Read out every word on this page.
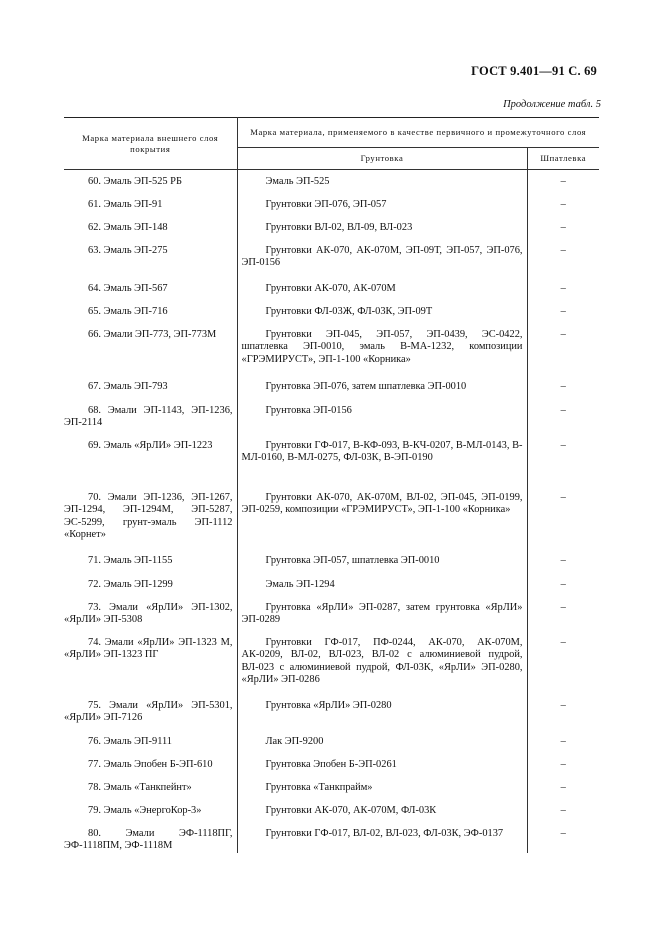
ГОСТ 9.401—91 С. 69
Продолжение табл. 5
Марка материала внешнего слоя покрытия	Марка материала, применяемого в качестве первичного и промежуточного слоя	
	Грунтовка	Шпатлевка

60. Эмаль ЭП-525 РБ	Эмаль ЭП-525	–

61. Эмаль ЭП-91	Грунтовки ЭП-076, ЭП-057	–

62. Эмаль ЭП-148	Грунтовки ВЛ-02, ВЛ-09, ВЛ-023	–

63. Эмаль ЭП-275	Грунтовки АК-070, АК-070М, ЭП-09Т, ЭП-057, ЭП-076, ЭП-0156	–

64. Эмаль ЭП-567	Грунтовки АК-070, АК-070М	–

65. Эмаль ЭП-716	Грунтовки ФЛ-03Ж, ФЛ-03К, ЭП-09Т	–

66. Эмали ЭП-773, ЭП-773М	Грунтовки ЭП-045, ЭП-057, ЭП-0439, ЭС-0422, шпатлевка ЭП-0010, эмаль В-МА-1232, композиции «ГРЭМИРУСТ», ЭП-1-100 «Корника»	–

67. Эмаль ЭП-793	Грунтовка ЭП-076, затем шпатлевка ЭП-0010	–

68. Эмали ЭП-1143, ЭП-1236, ЭП-2114	Грунтовка ЭП-0156	–

69. Эмаль «ЯрЛИ» ЭП-1223	Грунтовки ГФ-017, В-КФ-093, В-КЧ-0207, В-МЛ-0143, В-МЛ-0160, В-МЛ-0275, ФЛ-03К, В-ЭП-0190	–

70. Эмали ЭП-1236, ЭП-1267, ЭП-1294, ЭП-1294М, ЭП-5287, ЭС-5299, грунт-эмаль ЭП-1112 «Корнет»	Грунтовки АК-070, АК-070М, ВЛ-02, ЭП-045, ЭП-0199, ЭП-0259, композиции «ГРЭМИРУСТ», ЭП-1-100 «Корника»	–

71. Эмаль ЭП-1155	Грунтовка ЭП-057, шпатлевка ЭП-0010	–

72. Эмаль ЭП-1299	Эмаль ЭП-1294	–

73. Эмали «ЯрЛИ» ЭП-1302, «ЯрЛИ» ЭП-5308	Грунтовка «ЯрЛИ» ЭП-0287, затем грунтовка «ЯрЛИ» ЭП-0289	–

74. Эмали «ЯрЛИ» ЭП-1323 М, «ЯрЛИ» ЭП-1323 ПГ	Грунтовки ГФ-017, ПФ-0244, АК-070, АК-070М, АК-0209, ВЛ-02, ВЛ-023, ВЛ-02 с алюминиевой пудрой, ВЛ-023 с алюминиевой пудрой, ФЛ-03К, «ЯрЛИ» ЭП-0280, «ЯрЛИ» ЭП-0286	–

75. Эмали «ЯрЛИ» ЭП-5301, «ЯрЛИ» ЭП-7126	Грунтовка «ЯрЛИ» ЭП-0280	–

76. Эмаль ЭП-9111	Лак ЭП-9200	–

77. Эмаль Эпобен Б-ЭП-610	Грунтовка Эпобен Б-ЭП-0261	–

78. Эмаль «Танкпейнт»	Грунтовка «Танкпрайм»	–

79. Эмаль «ЭнергоКор-3»	Грунтовки АК-070, АК-070М, ФЛ-03К	–

80. Эмали ЭФ-1118ПГ, ЭФ-1118ПМ, ЭФ-1118М	Грунтовки ГФ-017, ВЛ-02, ВЛ-023, ФЛ-03К, ЭФ-0137	–
